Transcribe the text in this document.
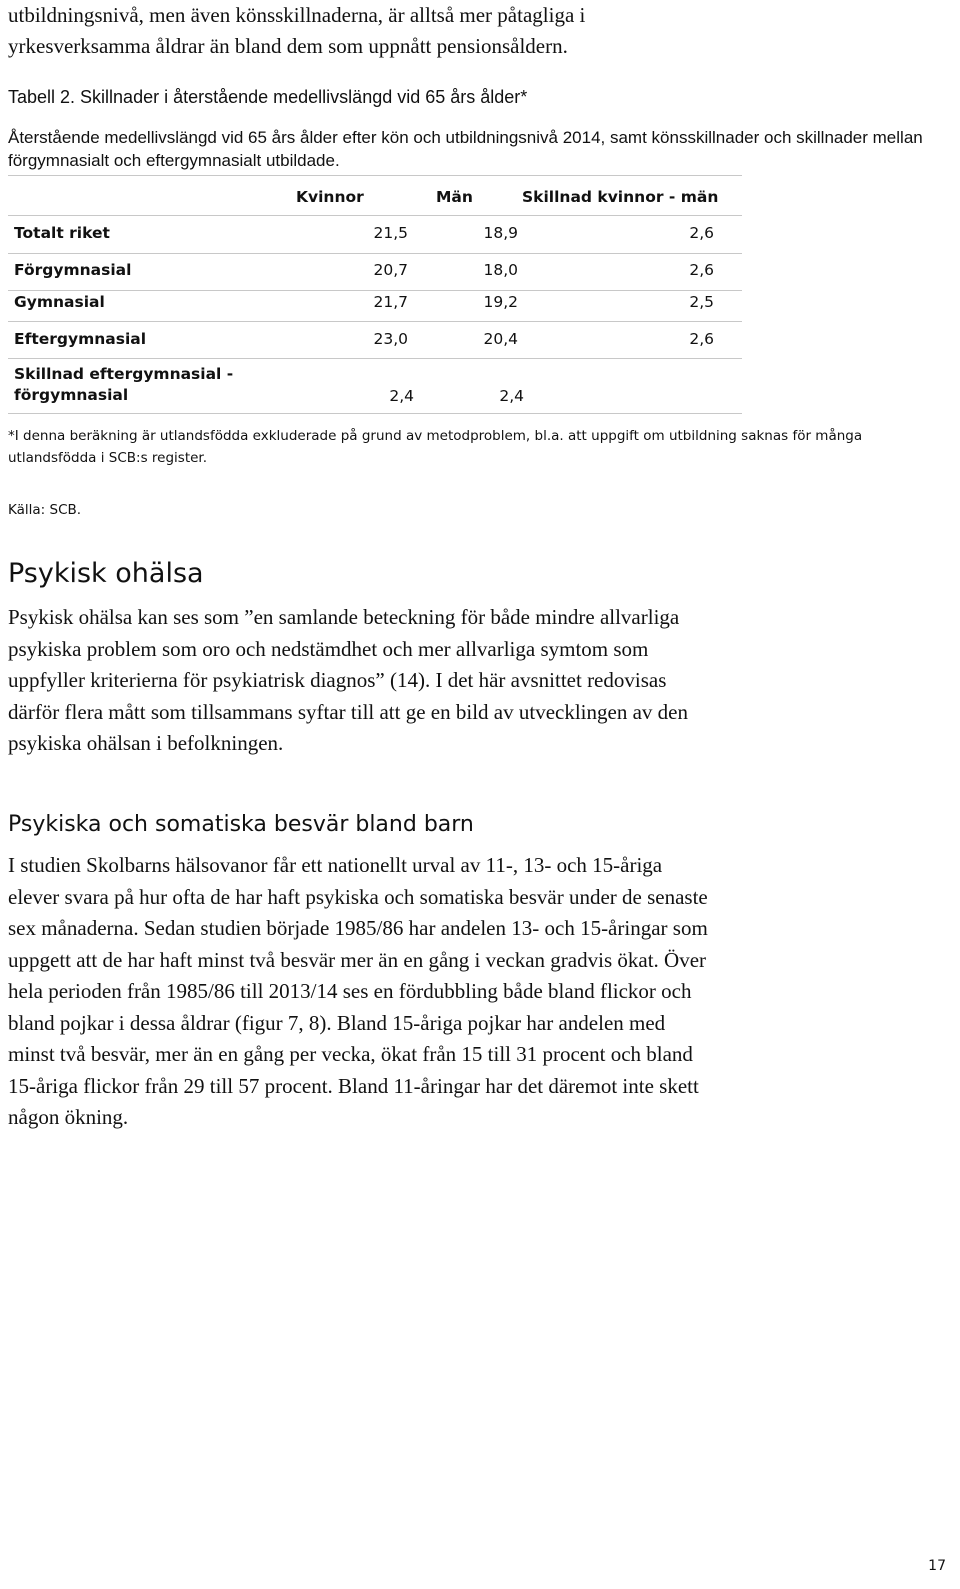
utbildningsnivå, men även könsskillnaderna, är alltså mer påtagliga i
yrkesverksamma åldrar än bland dem som uppnått pensionsåldern.
Tabell 2. Skillnader i återstående medellivslängd vid 65 års ålder*
Återstående medellivslängd vid 65 års ålder efter kön och utbildningsnivå 2014, samt könsskillnader och skillnader mellan förgymnasialt och eftergymnasialt utbildade.
Kvinnor	Män	Skillnad kvinnor - män
Totalt riket	21,5	18,9	2,6
Förgymnasial	20,7	18,0	2,6
Gymnasial	21,7	19,2	2,5
Eftergymnasial	23,0	20,4	2,6
Skillnad eftergymnasial -
förgymnasial	2,4	2,4
*I denna beräkning är utlandsfödda exkluderade på grund av metodproblem, bl.a. att uppgift om utbildning saknas för många utlandsfödda i SCB:s register.
Källa: SCB.
Psykisk ohälsa
Psykisk ohälsa kan ses som ”en samlande beteckning för både mindre allvarliga
psykiska problem som oro och nedstämdhet och mer allvarliga symtom som
uppfyller kriterierna för psykiatrisk diagnos” (14). I det här avsnittet redovisas
därför flera mått som tillsammans syftar till att ge en bild av utvecklingen av den
psykiska ohälsan i befolkningen.
Psykiska och somatiska besvär bland barn
I studien Skolbarns hälsovanor får ett nationellt urval av 11-, 13- och 15-åriga
elever svara på hur ofta de har haft psykiska och somatiska besvär under de senaste
sex månaderna. Sedan studien började 1985/86 har andelen 13- och 15-åringar som
uppgett att de har haft minst två besvär mer än en gång i veckan gradvis ökat. Över
hela perioden från 1985/86 till 2013/14 ses en fördubbling både bland flickor och
bland pojkar i dessa åldrar (figur 7, 8). Bland 15-åriga pojkar har andelen med
minst två besvär, mer än en gång per vecka, ökat från 15 till 31 procent och bland
15-åriga flickor från 29 till 57 procent. Bland 11-åringar har det däremot inte skett
någon ökning.
17
